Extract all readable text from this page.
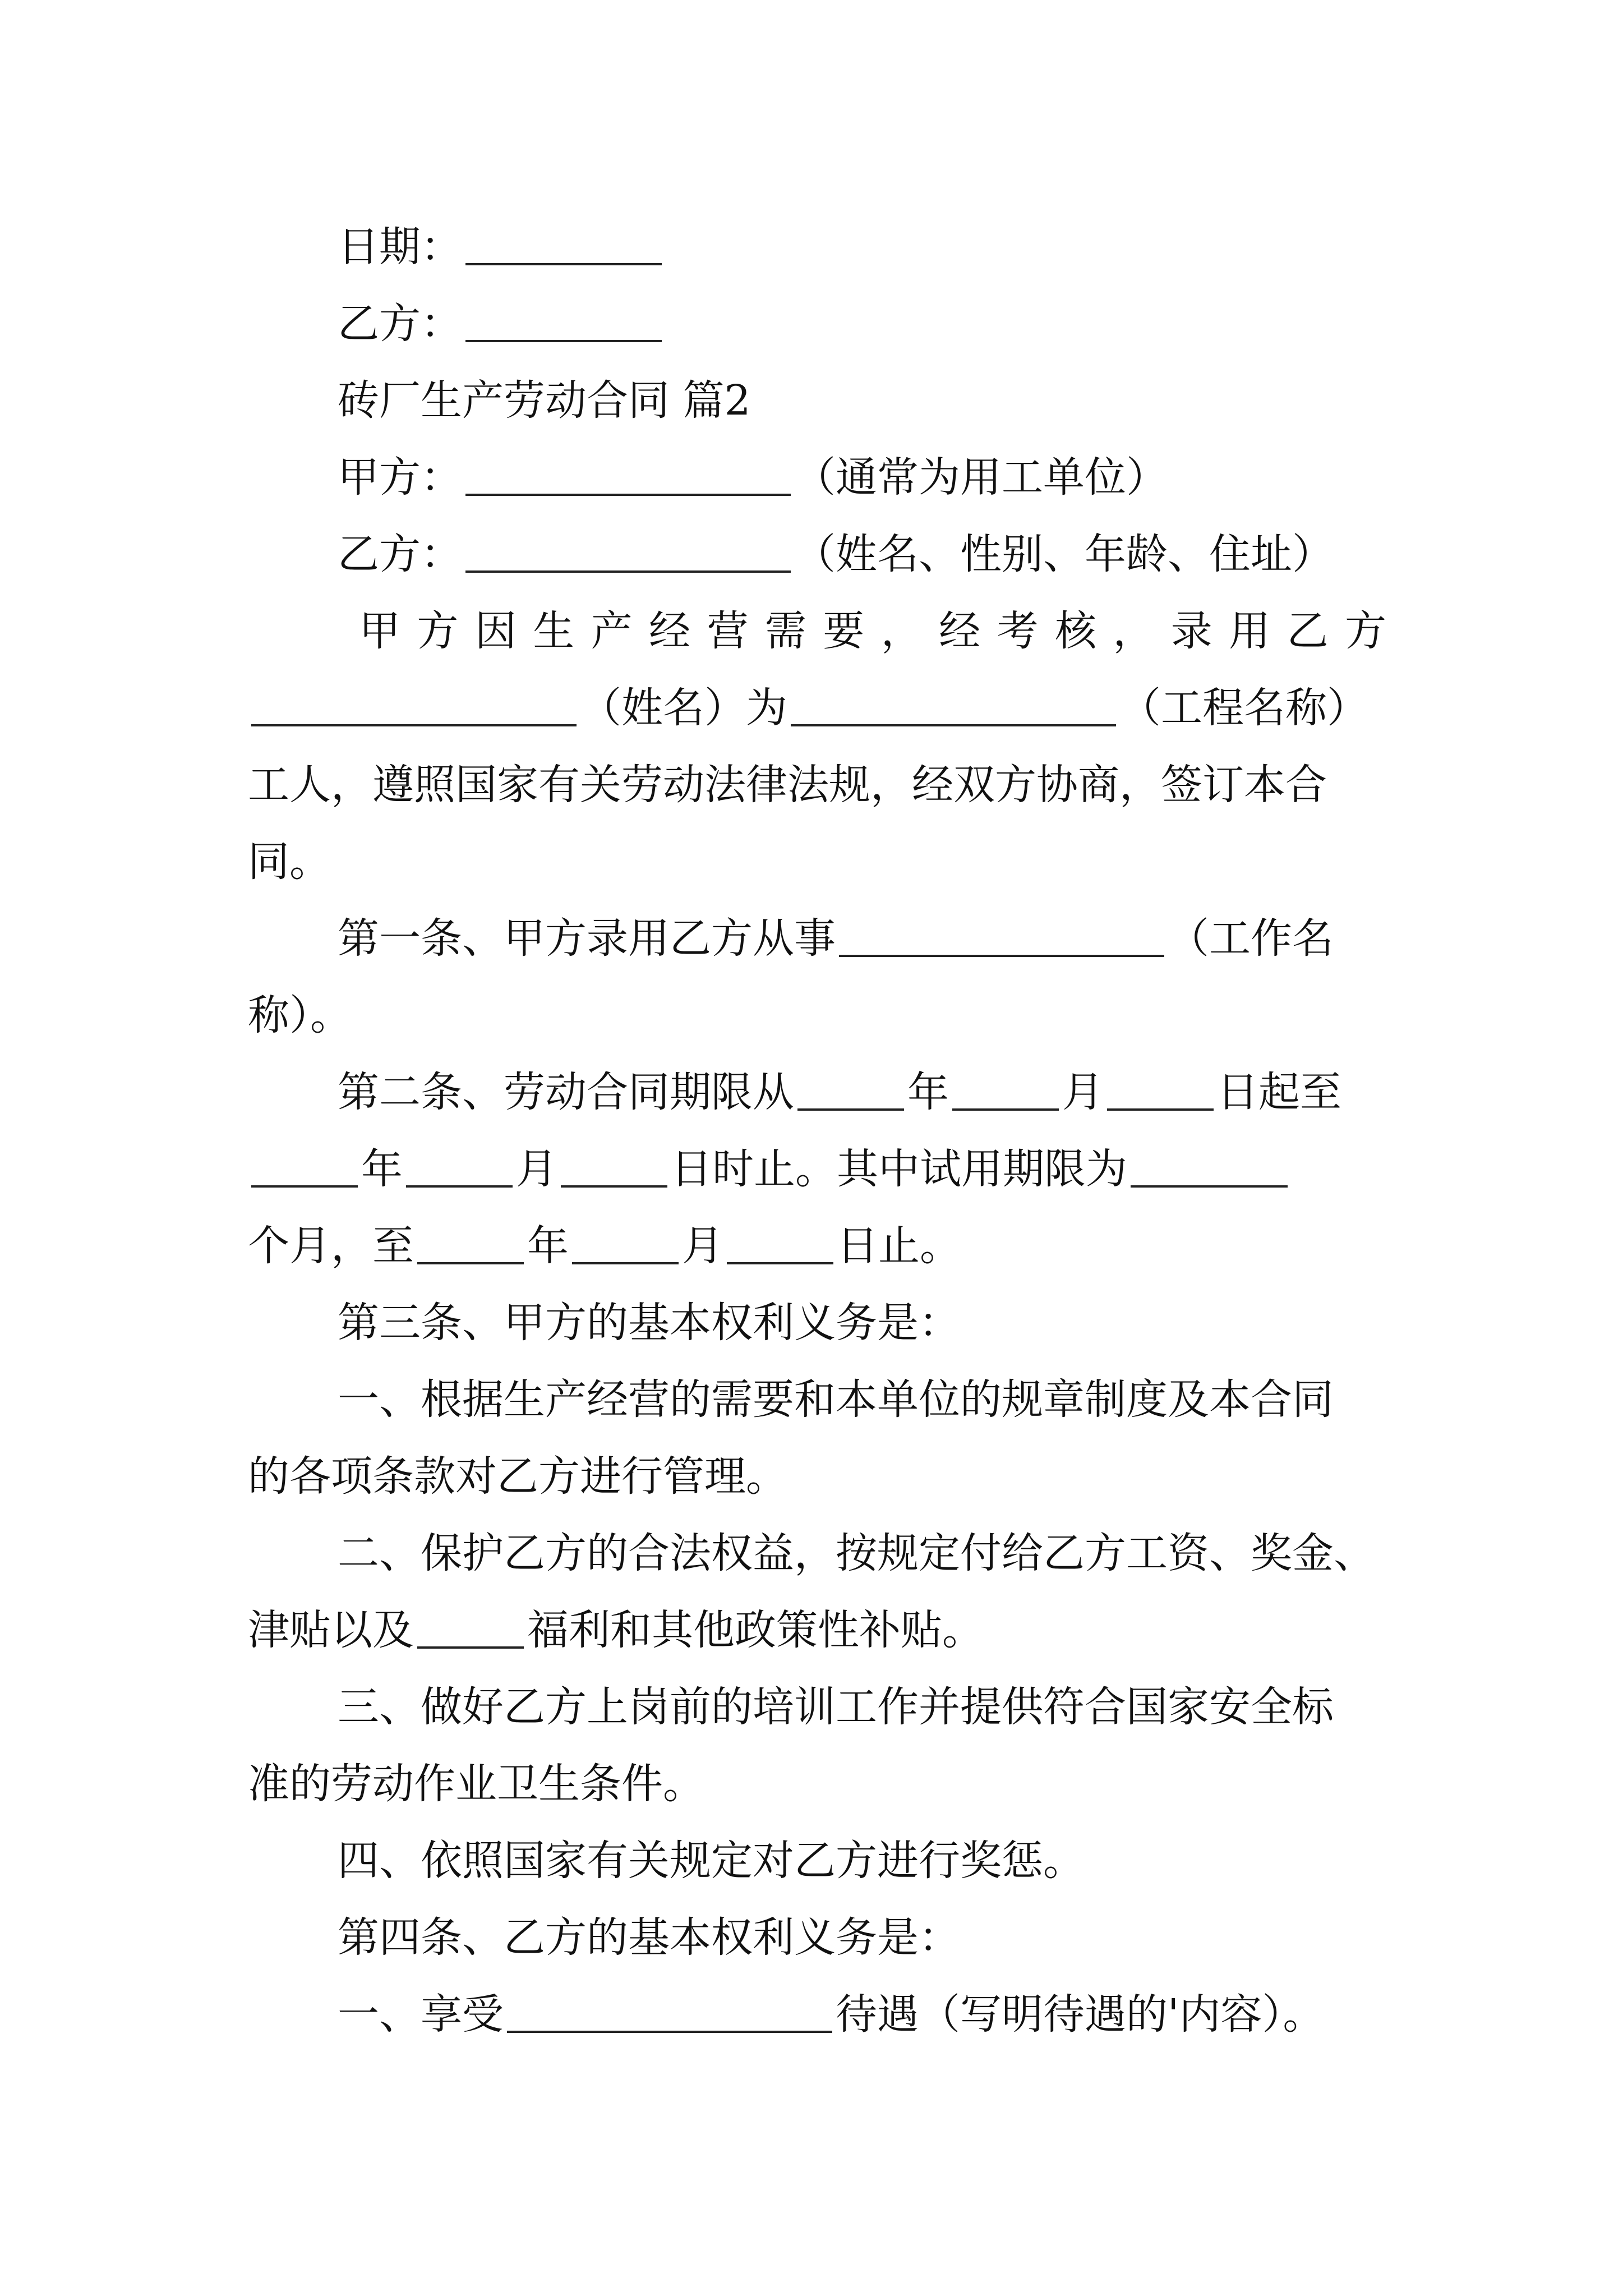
日期：
乙方：
砖厂生产劳动合同 篇2
甲方：	（通常为用工单位）
乙方：	（姓名、性别、年龄、住址）
甲方因生产经营需要，经考核，录用乙方
（姓名）为	（工程名称）
工人，遵照国家有关劳动法律法规，经双方协商，签订本合
同。
第一条、甲方录用乙方从事	（工作名
称）。
第二条、劳动合同期限从	年	月	日起至
年	月	日时止。其中试用期限为
个月，至	年	月	日止。
第三条、甲方的基本权利义务是：
一、根据生产经营的需要和本单位的规章制度及本合同
的各项条款对乙方进行管理。
二、保护乙方的合法权益，按规定付给乙方工资、奖金、
津贴以及	福利和其他政策性补贴。
三、做好乙方上岗前的培训工作并提供符合国家安全标
准的劳动作业卫生条件。
四、依照国家有关规定对乙方进行奖惩。
第四条、乙方的基本权利义务是：
一、享受	待遇（写明待遇的'内容）。
